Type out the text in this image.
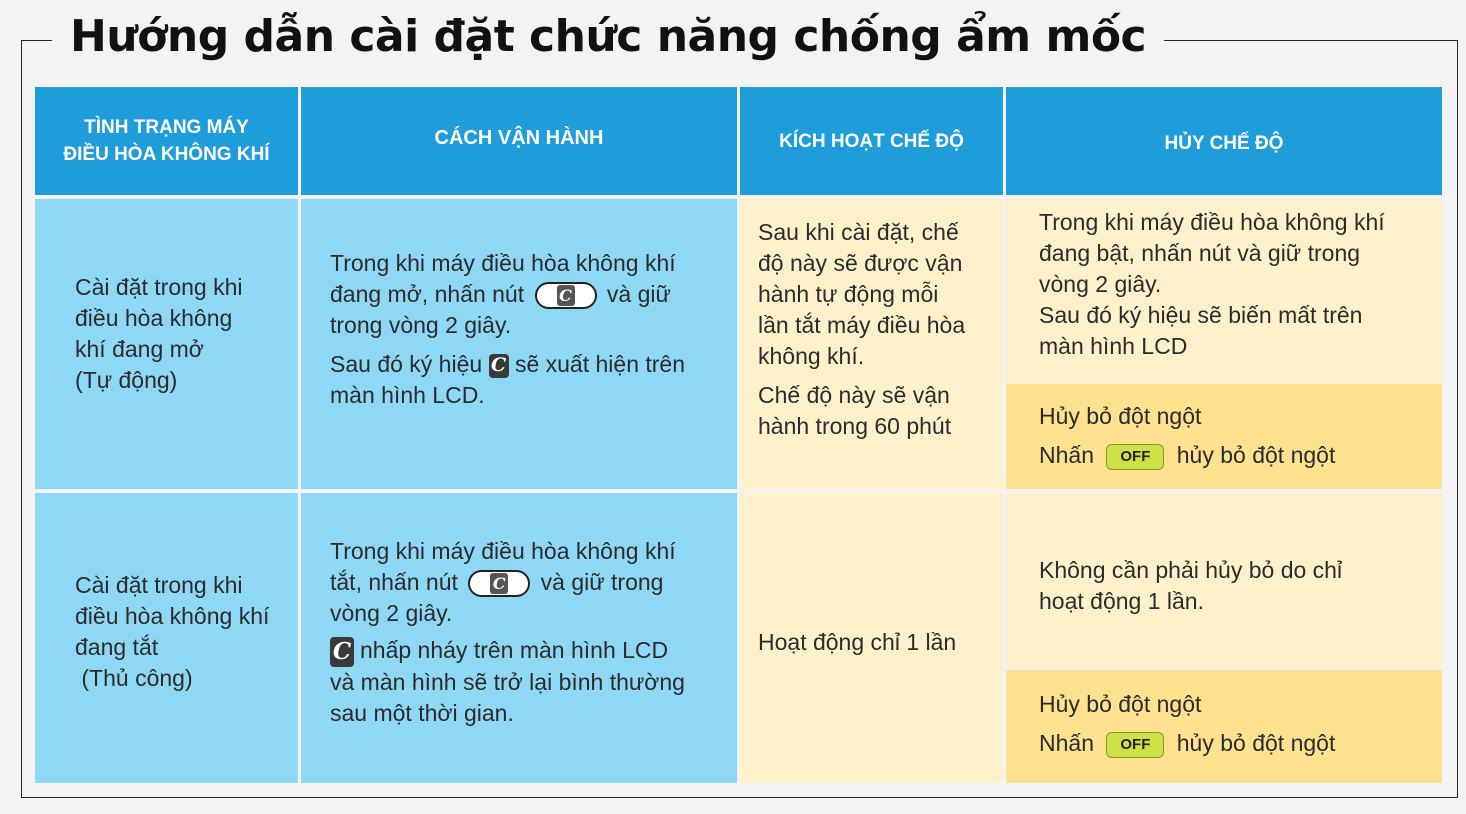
Hướng dẫn cài đặt chức năng chống ẩm mốc
TÌNH TRẠNG MÁY
ĐIỀU HÒA KHÔNG KHÍ
CÁCH VẬN HÀNH	KÍCH HOẠT CHẾ ĐỘ	HỦY CHẾ ĐỘ

Cài đặt trong khi

điều hòa không

khí đang mở

(Tự động)

Trong khi máy điều hòa không khí

đang mở, nhấn nút C và giữ

trong vòng 2 giây.

Sau đó ký hiệu C sẽ xuất hiện trên

màn hình LCD.

Sau khi cài đặt, chế

độ này sẽ được vận

hành tự động mỗi

lần tắt máy điều hòa

không khí.

Chế độ này sẽ vận

hành trong 60 phút

Trong khi máy điều hòa không khí

đang bật, nhấn nút và giữ trong

vòng 2 giây.

Sau đó ký hiệu sẽ biến mất trên

màn hình LCD

Hủy bỏ đột ngột

Nhấn OFF hủy bỏ đột ngột

Cài đặt trong khi

điều hòa không khí

đang tắt

(Thủ công)

Trong khi máy điều hòa không khí

tắt, nhấn nút C và giữ trong

vòng 2 giây.

C nhấp nháy trên màn hình LCD

và màn hình sẽ trở lại bình thường

sau một thời gian.

Hoạt động chỉ 1 lần

Không cần phải hủy bỏ do chỉ

hoạt động 1 lần.

Hủy bỏ đột ngột

Nhấn OFF hủy bỏ đột ngột
